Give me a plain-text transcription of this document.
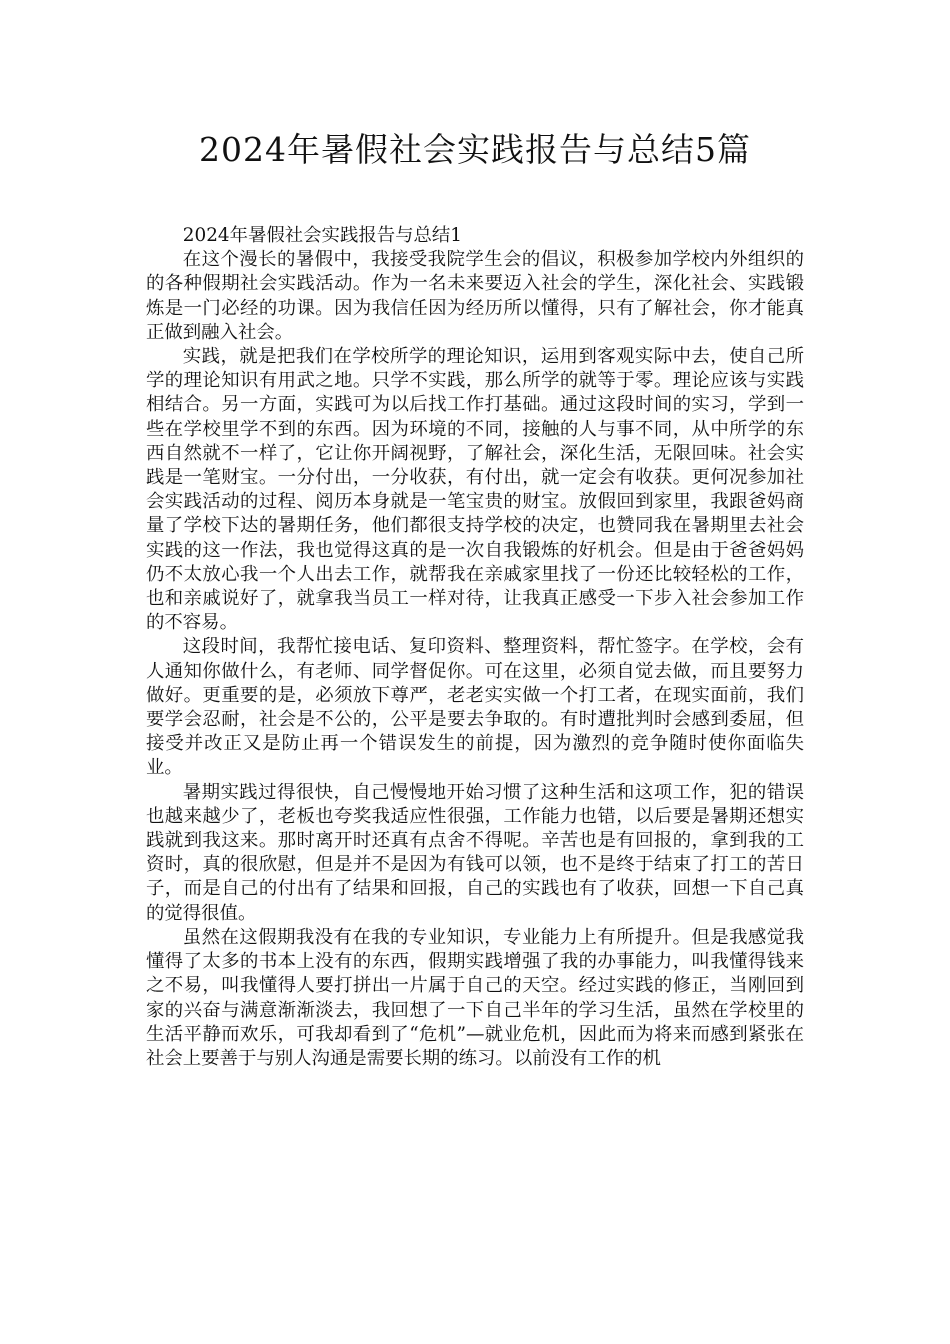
2024年暑假社会实践报告与总结5篇

2024年暑假社会实践报告与总结1

在这个漫长的暑假中，我接受我院学生会的倡议，积极参加学校内外组织的的各种假期社会实践活动。作为一名未来要迈入社会的学生，深化社会、实践锻炼是一门必经的功课。因为我信任因为经历所以懂得，只有了解社会，你才能真正做到融入社会。

实践，就是把我们在学校所学的理论知识，运用到客观实际中去，使自己所学的理论知识有用武之地。只学不实践，那么所学的就等于零。理论应该与实践相结合。另一方面，实践可为以后找工作打基础。通过这段时间的实习，学到一些在学校里学不到的东西。因为环境的不同，接触的人与事不同，从中所学的东西自然就不一样了，它让你开阔视野，了解社会，深化生活，无限回味。社会实践是一笔财宝。一分付出，一分收获，有付出，就一定会有收获。更何况参加社会实践活动的过程、阅历本身就是一笔宝贵的财宝。放假回到家里，我跟爸妈商量了学校下达的暑期任务，他们都很支持学校的决定，也赞同我在暑期里去社会实践的这一作法，我也觉得这真的是一次自我锻炼的好机会。但是由于爸爸妈妈仍不太放心我一个人出去工作，就帮我在亲戚家里找了一份还比较轻松的工作，也和亲戚说好了，就拿我当员工一样对待，让我真正感受一下步入社会参加工作的不容易。

这段时间，我帮忙接电话、复印资料、整理资料，帮忙签字。在学校，会有人通知你做什么，有老师、同学督促你。可在这里，必须自觉去做，而且要努力做好。更重要的是，必须放下尊严，老老实实做一个打工者，在现实面前，我们要学会忍耐，社会是不公的，公平是要去争取的。有时遭批判时会感到委屈，但接受并改正又是防止再一个错误发生的前提，因为激烈的竞争随时使你面临失业。

暑期实践过得很快，自己慢慢地开始习惯了这种生活和这项工作，犯的错误也越来越少了，老板也夸奖我适应性很强，工作能力也错，以后要是暑期还想实践就到我这来。那时离开时还真有点舍不得呢。辛苦也是有回报的，拿到我的工资时，真的很欣慰，但是并不是因为有钱可以领，也不是终于结束了打工的苦日子，而是自己的付出有了结果和回报，自己的实践也有了收获，回想一下自己真的觉得很值。

虽然在这假期我没有在我的专业知识，专业能力上有所提升。但是我感觉我懂得了太多的书本上没有的东西，假期实践增强了我的办事能力，叫我懂得钱来之不易，叫我懂得人要打拼出一片属于自己的天空。经过实践的修正，当刚回到家的兴奋与满意渐渐淡去，我回想了一下自己半年的学习生活，虽然在学校里的生活平静而欢乐，可我却看到了“危机”—就业危机，因此而为将来而感到紧张在社会上要善于与别人沟通是需要长期的练习。以前没有工作的机
